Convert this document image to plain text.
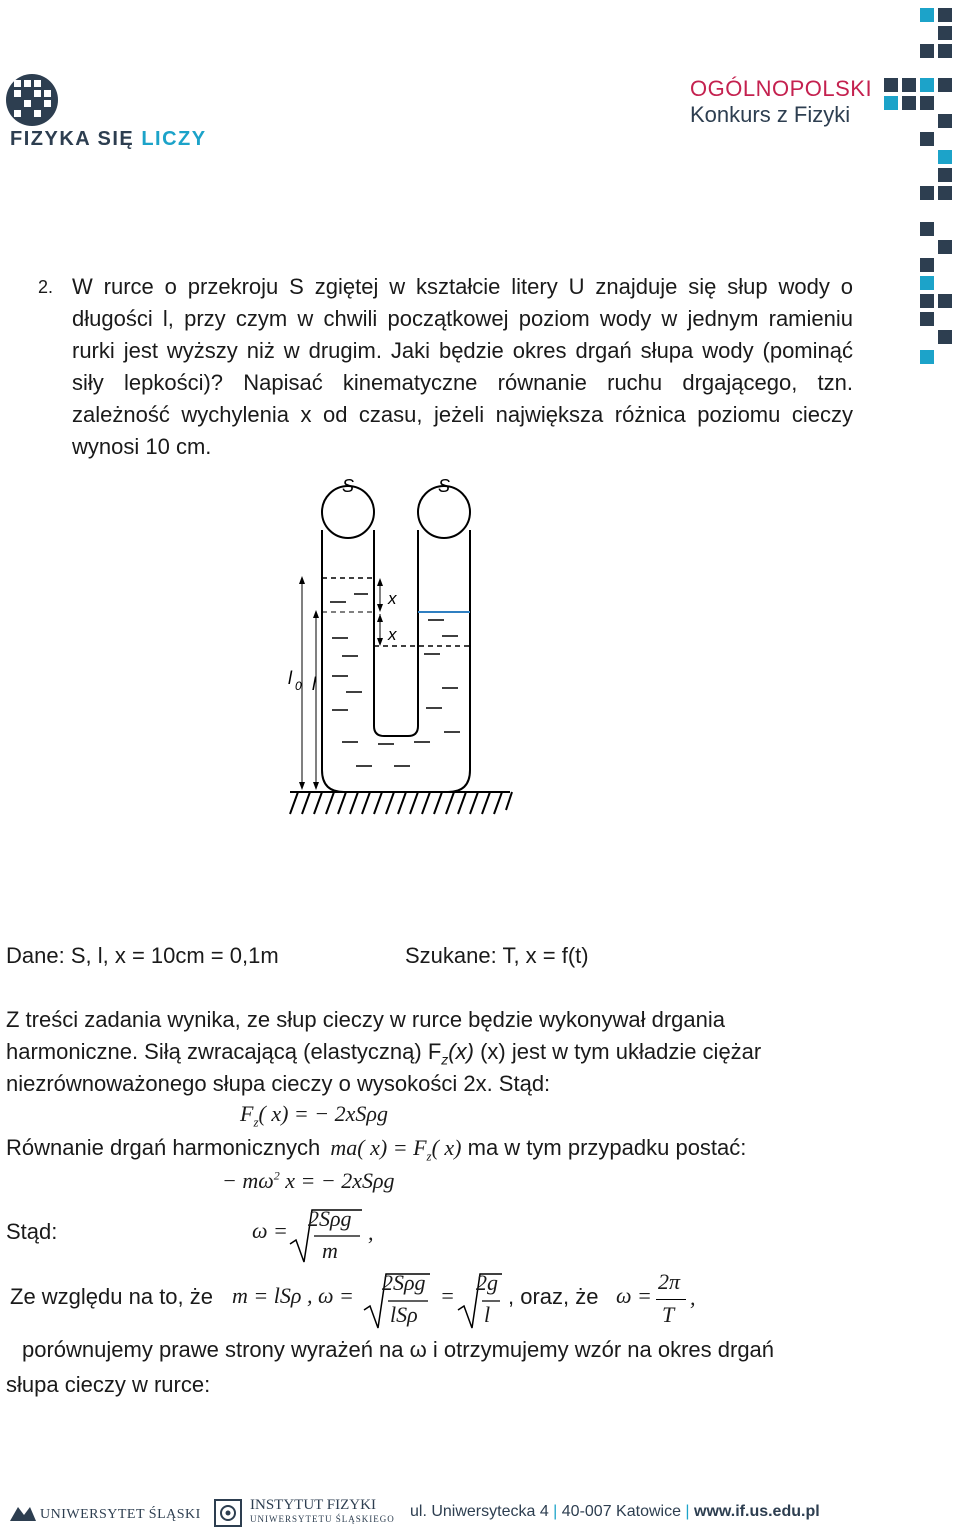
FIZYKA SIĘ LICZY
OGÓLNOPOLSKI
Konkurs z Fizyki
2. W rurce o przekroju S zgiętej w kształcie litery U znajduje się słup wody o długości l, przy czym w chwili początkowej poziom wody w jednym ramieniu rurki jest wyższy niż w drugim. Jaki będzie okres drgań słupa wody (pominąć siły lepkości)? Napisać kinematyczne równanie ruchu drgającego, tzn. zależność wychylenia x od czasu, jeżeli największa różnica poziomu cieczy wynosi 10 cm.
S	S
x
x
l 0 l
Dane: S, l, x = 10cm = 0,1m	Szukane: T, x = f(t)
Z treści zadania wynika, ze słup cieczy w rurce będzie wykonywał drgania
harmoniczne. Siłą zwracającą (elastyczną) $F_z(x)$ (x) jest w tym układzie ciężar
niezrównoważonego słupa cieczy o wysokości 2x. Stąd:
$F_z$( x) = − 2xSρg
Równanie drgań harmonicznych ma( $x) = F_z$( x) ma w tym przypadku postać:
− $m\omega^2$ x = − 2xSρg
Stąd:	ω = 2Sρg
m
,
Ze względu na to, że m = lSρ , ω =
2Sρg
lSρ
=
2g
l
, oraz, że ω =
2π
T
,
porównujemy prawe strony wyrażeń na ω i otrzymujemy wzór na okres drgań
słupa cieczy w rurce:
UNIWERSYTET ŚLĄSKI
INSTYTUT FIZYKI
UNIWERSYTETU ŚLĄSKIEGO ul. Uniwersytecka 4 | 40-007 Katowice | www.if.us.edu.pl
